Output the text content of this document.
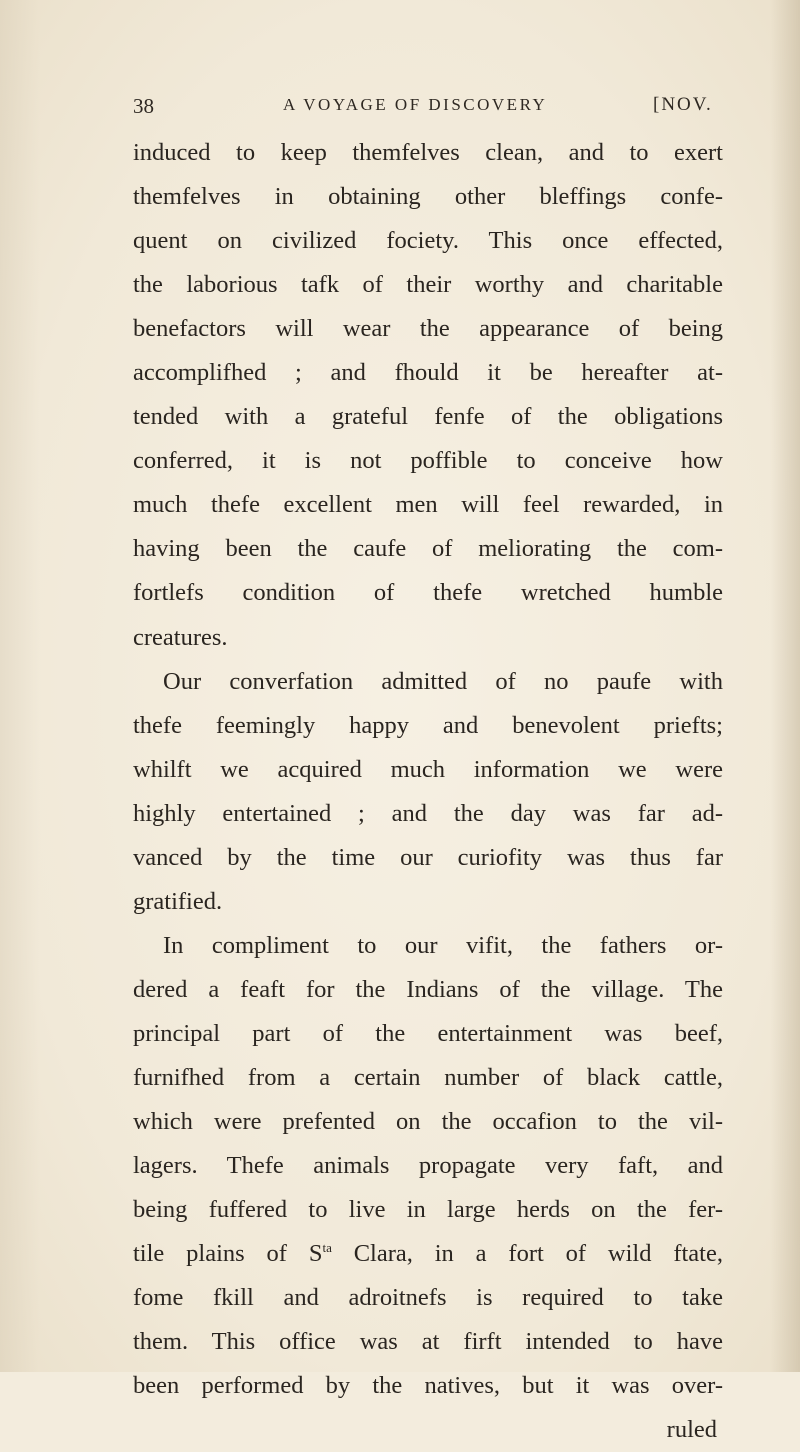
38	A VOYAGE OF DISCOVERY	[NOV.
induced to keep themfelves clean, and to exert
themfelves in obtaining other bleffings confe-
quent on civilized fociety. This once effected,
the laborious tafk of their worthy and charitable
benefactors will wear the appearance of being
accomplifhed ; and fhould it be hereafter at-
tended with a grateful fenfe of the obligations
conferred, it is not poffible to conceive how
much thefe excellent men will feel rewarded, in
having been the caufe of meliorating the com-
fortlefs condition of thefe wretched humble
creatures.
Our converfation admitted of no paufe with
thefe feemingly happy and benevolent priefts;
whilft we acquired much information we were
highly entertained ; and the day was far ad-
vanced by the time our curiofity was thus far
gratified.
In compliment to our vifit, the fathers or-
dered a feaft for the Indians of the village. The
principal part of the entertainment was beef,
furnifhed from a certain number of black cattle,
which were prefented on the occafion to the vil-
lagers. Thefe animals propagate very faft, and
being fuffered to live in large herds on the fer-
tile plains of $S^{ta}$ Clara, in a fort of wild ftate,
fome fkill and adroitnefs is required to take
them. This office was at firft intended to have
been performed by the natives, but it was over-
ruled
